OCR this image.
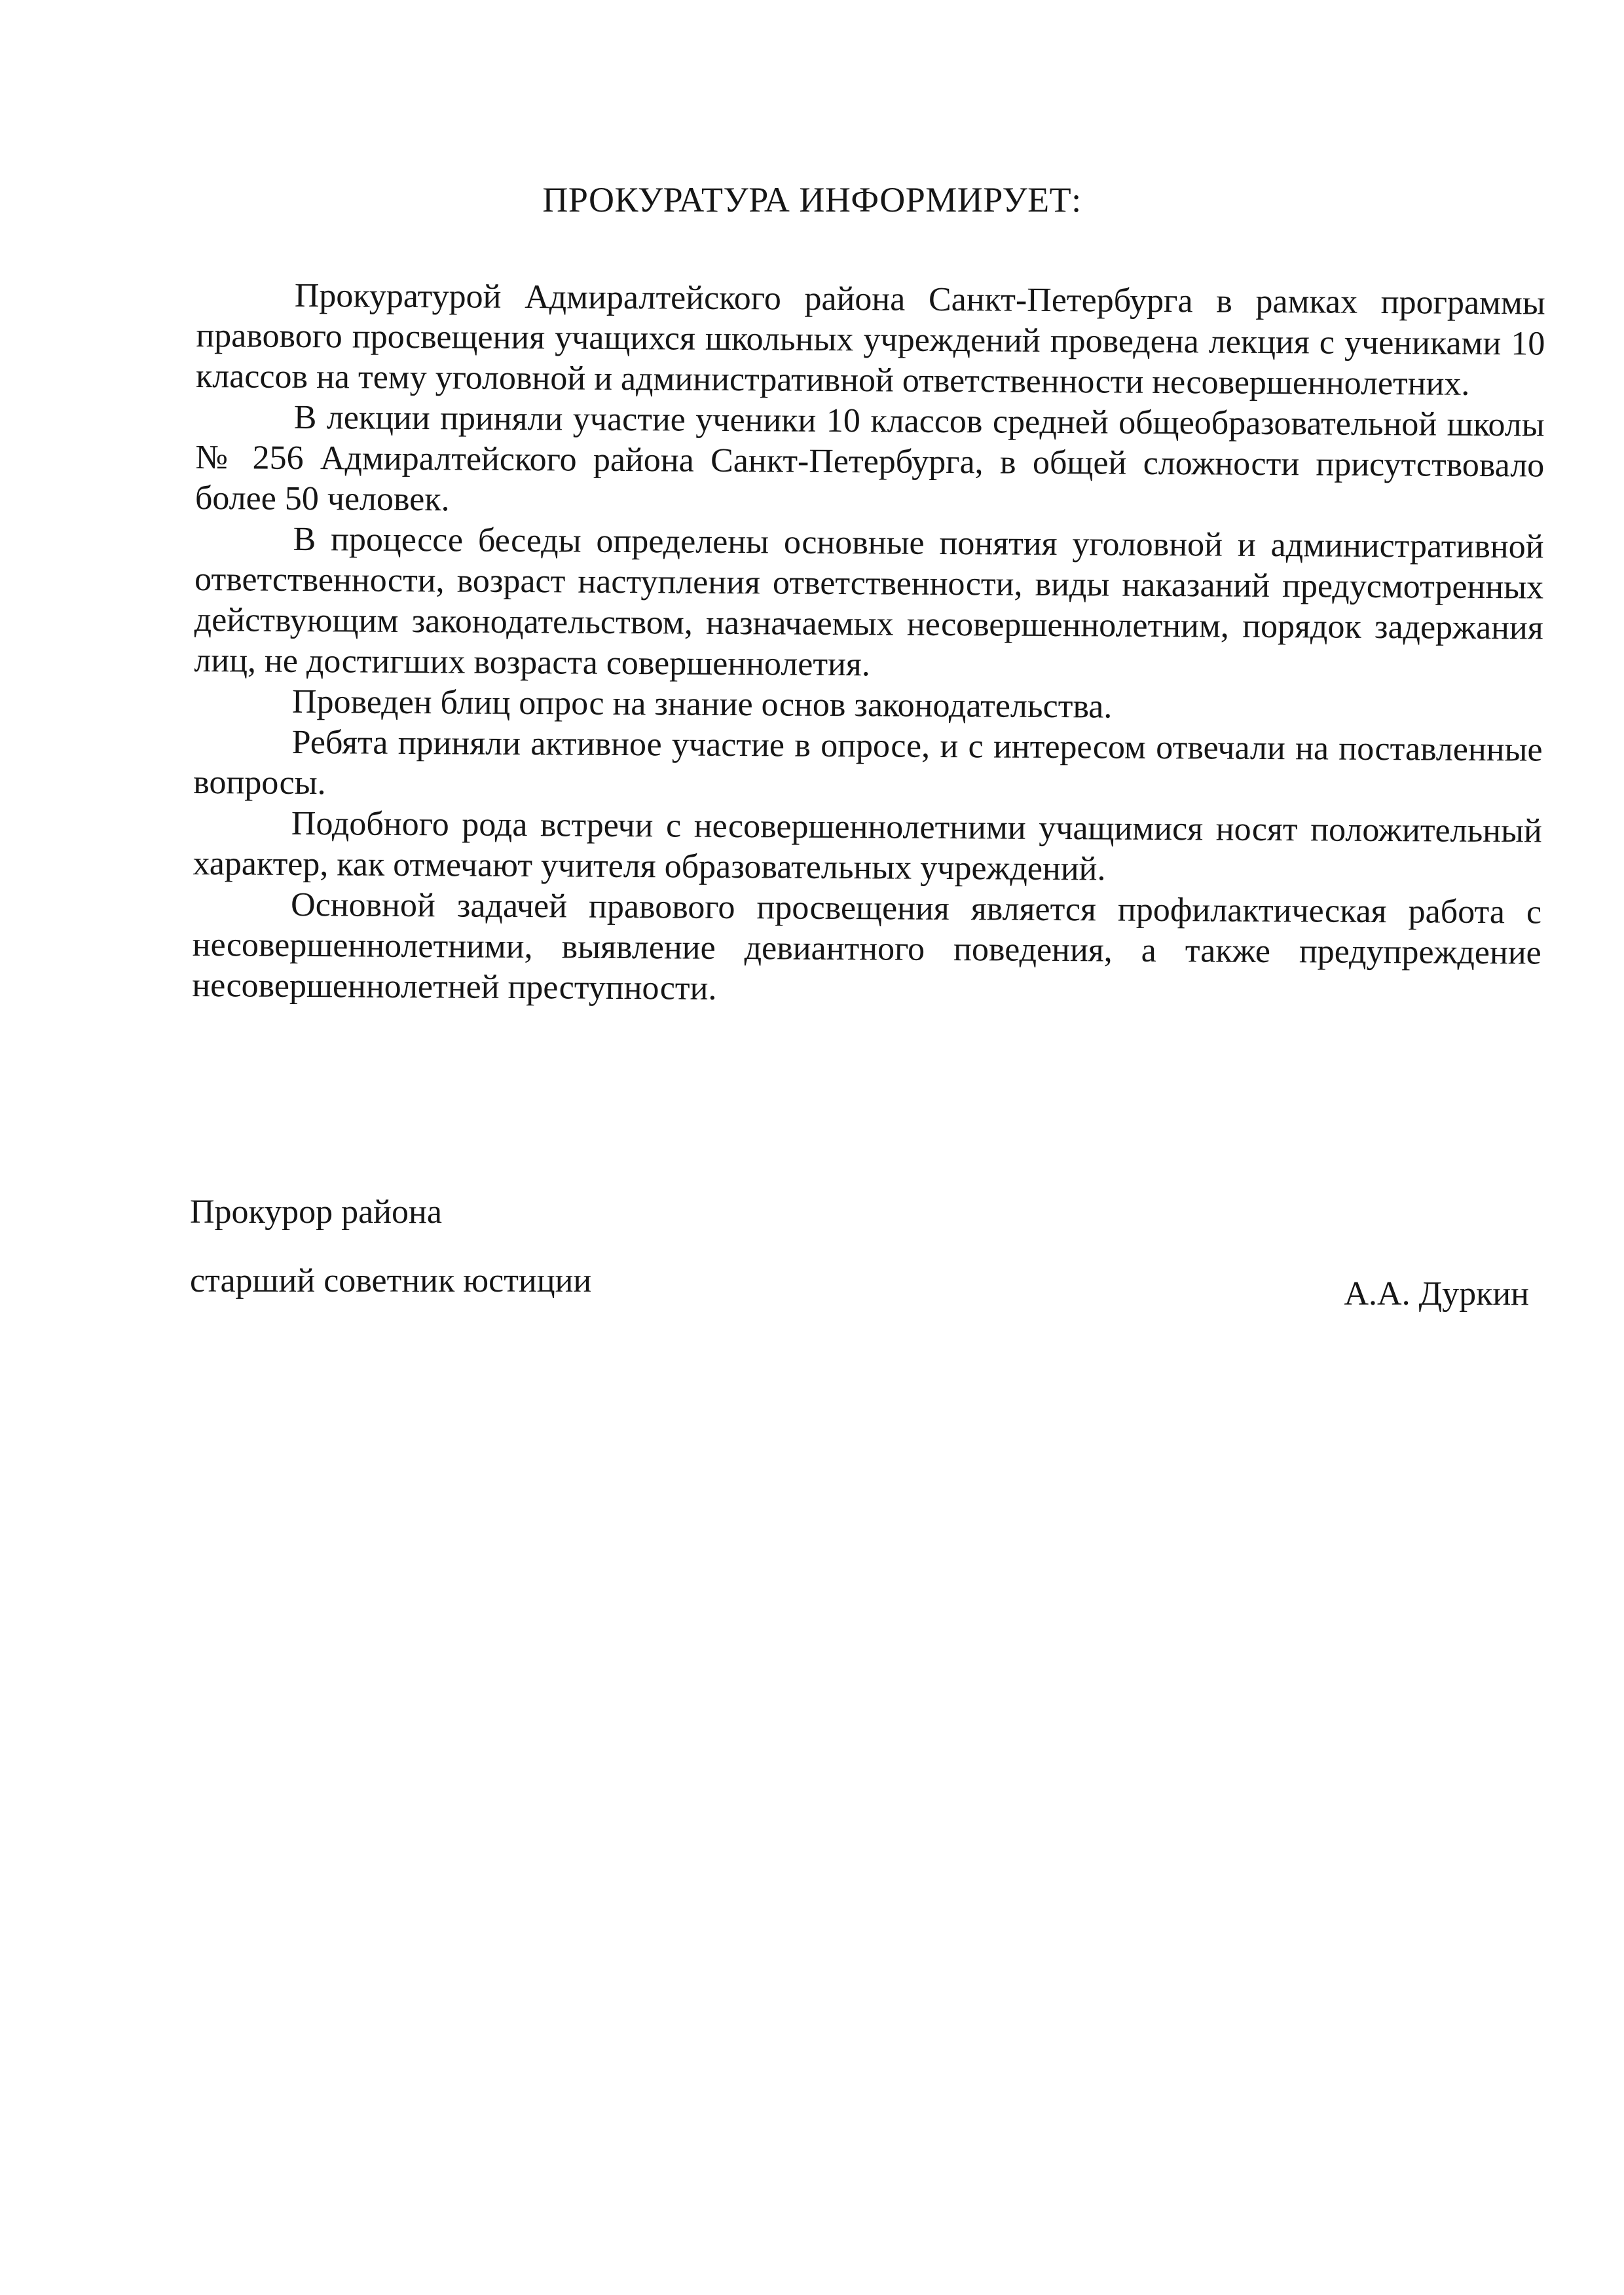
ПРОКУРАТУРА ИНФОРМИРУЕТ:

Прокуратурой Адмиралтейского района Санкт-Петербурга в рамках программы правового просвещения учащихся школьных учреждений проведена лекция с учениками 10 классов на тему уголовной и административной ответственности несовершеннолетних.

В лекции приняли участие ученики 10 классов средней общеобразовательной школы № 256 Адмиралтейского района Санкт-Петербурга, в общей сложности присутствовало более 50 человек.

В процессе беседы определены основные понятия уголовной и административной ответственности, возраст наступления ответственности, виды наказаний предусмотренных действующим законодательством, назначаемых несовершеннолетним, порядок задержания лиц, не достигших возраста совершеннолетия.

Проведен блиц опрос на знание основ законодательства.

Ребята приняли активное участие в опросе, и с интересом отвечали на поставленные вопросы.

Подобного рода встречи с несовершеннолетними учащимися носят положительный характер, как отмечают учителя образовательных учреждений.

Основной задачей правового просвещения является профилактическая работа с несовершеннолетними, выявление девиантного поведения, а также предупреждение несовершеннолетней преступности.

Прокурор района

старший советник юстиции	А.А. Дуркин
